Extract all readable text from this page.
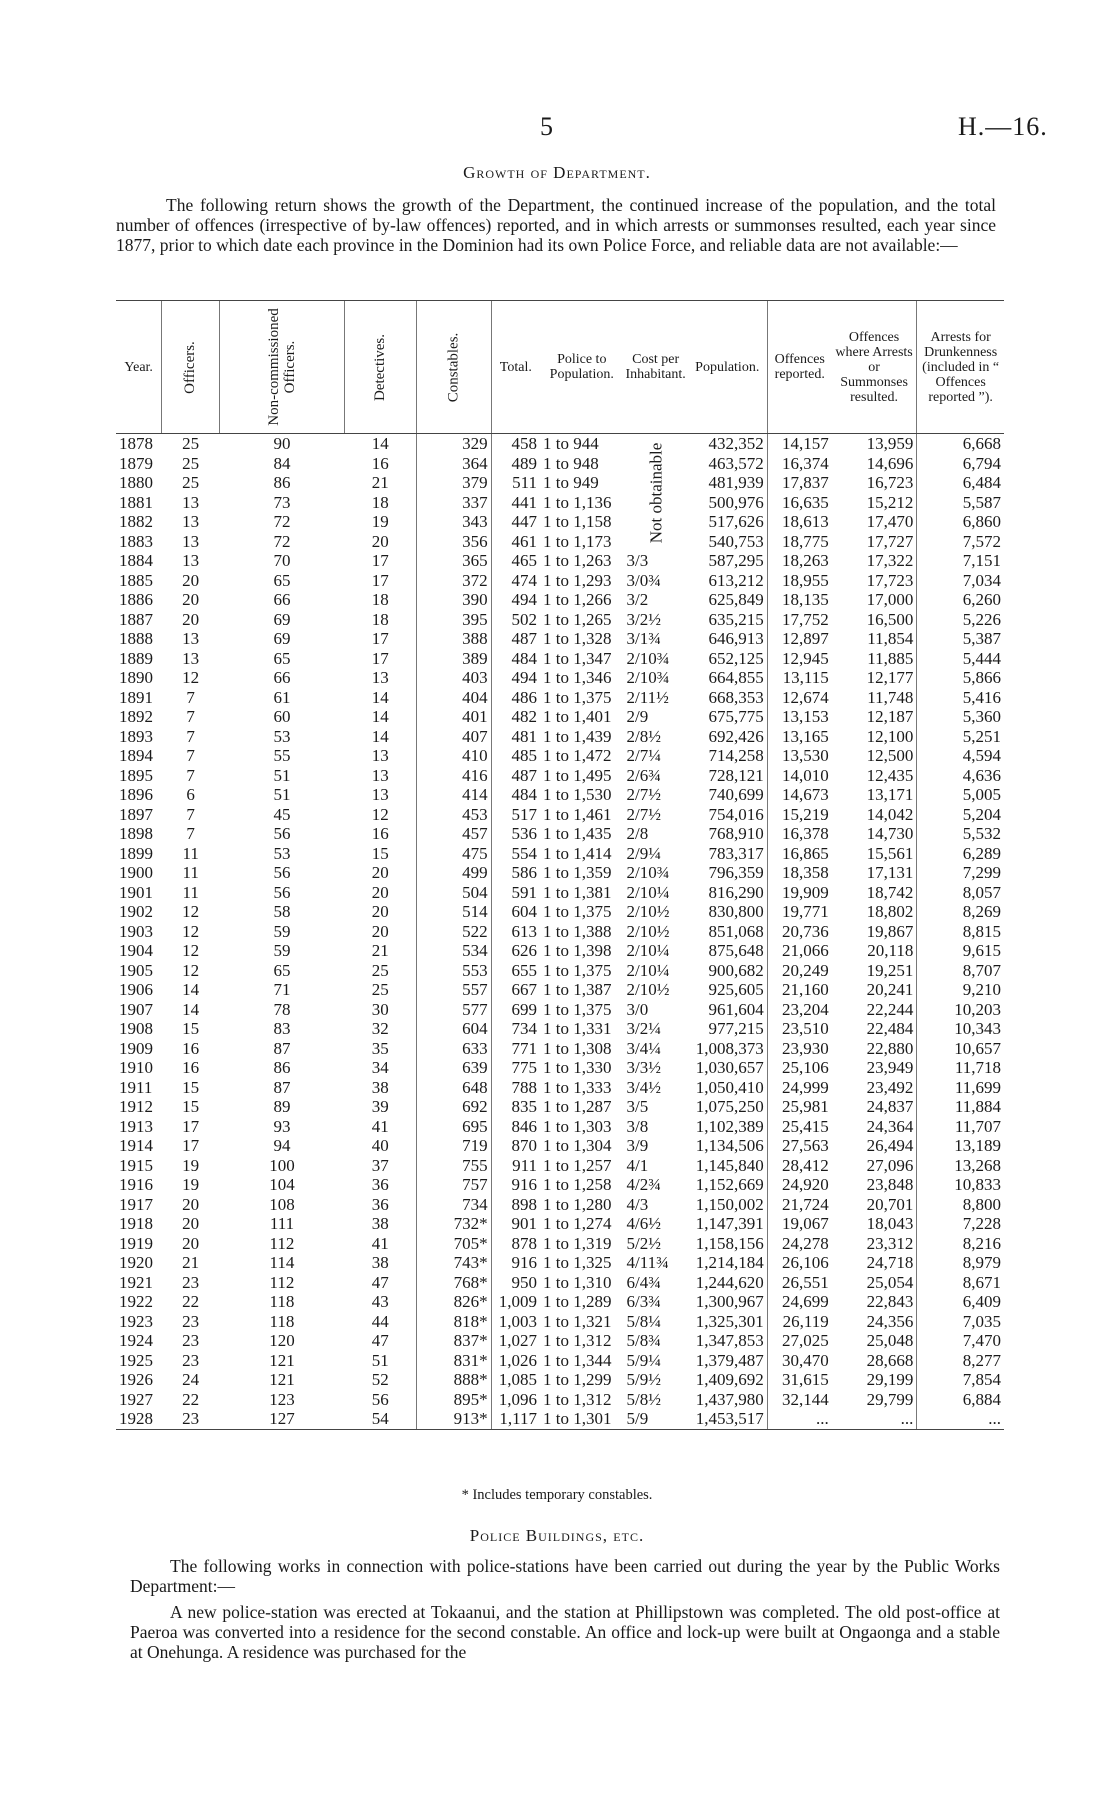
5	H.—16.
Growth of Department.
The following return shows the growth of the Department, the continued increase of the population, and the total number of offences (irrespective of by-law offences) reported, and in which arrests or summonses resulted, each year since 1877, prior to which date each province in the Dominion had its own Police Force, and reliable data are not available:—
Year.	Officers.	Non-commissioned Officers.	Detectives.	Constables.	Total.	Police to Population.	Cost per Inhabitant.	Population.	Offences reported.	Offences where Arrests or Summonses resulted.	Arrests for Drunkenness (included in “ Offences reported ”).
1878	25	90	14	329	458	1 to 944	Not obtainable	432,352	14,157	13,959	6,668
1879	25	84	16	364	489	1 to 948		463,572	16,374	14,696	6,794
1880	25	86	21	379	511	1 to 949		481,939	17,837	16,723	6,484
1881	13	73	18	337	441	1 to 1,136		500,976	16,635	15,212	5,587
1882	13	72	19	343	447	1 to 1,158		517,626	18,613	17,470	6,860
1883	13	72	20	356	461	1 to 1,173		540,753	18,775	17,727	7,572
1884	13	70	17	365	465	1 to 1,263	3/3	587,295	18,263	17,322	7,151
1885	20	65	17	372	474	1 to 1,293	3/0¾	613,212	18,955	17,723	7,034
1886	20	66	18	390	494	1 to 1,266	3/2	625,849	18,135	17,000	6,260
1887	20	69	18	395	502	1 to 1,265	3/2½	635,215	17,752	16,500	5,226
1888	13	69	17	388	487	1 to 1,328	3/1¾	646,913	12,897	11,854	5,387
1889	13	65	17	389	484	1 to 1,347	2/10¾	652,125	12,945	11,885	5,444
1890	12	66	13	403	494	1 to 1,346	2/10¾	664,855	13,115	12,177	5,866
1891	7	61	14	404	486	1 to 1,375	2/11½	668,353	12,674	11,748	5,416
1892	7	60	14	401	482	1 to 1,401	2/9	675,775	13,153	12,187	5,360
1893	7	53	14	407	481	1 to 1,439	2/8½	692,426	13,165	12,100	5,251
1894	7	55	13	410	485	1 to 1,472	2/7¼	714,258	13,530	12,500	4,594
1895	7	51	13	416	487	1 to 1,495	2/6¾	728,121	14,010	12,435	4,636
1896	6	51	13	414	484	1 to 1,530	2/7½	740,699	14,673	13,171	5,005
1897	7	45	12	453	517	1 to 1,461	2/7½	754,016	15,219	14,042	5,204
1898	7	56	16	457	536	1 to 1,435	2/8	768,910	16,378	14,730	5,532
1899	11	53	15	475	554	1 to 1,414	2/9¼	783,317	16,865	15,561	6,289
1900	11	56	20	499	586	1 to 1,359	2/10¾	796,359	18,358	17,131	7,299
1901	11	56	20	504	591	1 to 1,381	2/10¼	816,290	19,909	18,742	8,057
1902	12	58	20	514	604	1 to 1,375	2/10½	830,800	19,771	18,802	8,269
1903	12	59	20	522	613	1 to 1,388	2/10½	851,068	20,736	19,867	8,815
1904	12	59	21	534	626	1 to 1,398	2/10¼	875,648	21,066	20,118	9,615
1905	12	65	25	553	655	1 to 1,375	2/10¼	900,682	20,249	19,251	8,707
1906	14	71	25	557	667	1 to 1,387	2/10½	925,605	21,160	20,241	9,210
1907	14	78	30	577	699	1 to 1,375	3/0	961,604	23,204	22,244	10,203
1908	15	83	32	604	734	1 to 1,331	3/2¼	977,215	23,510	22,484	10,343
1909	16	87	35	633	771	1 to 1,308	3/4¼	1,008,373	23,930	22,880	10,657
1910	16	86	34	639	775	1 to 1,330	3/3½	1,030,657	25,106	23,949	11,718
1911	15	87	38	648	788	1 to 1,333	3/4½	1,050,410	24,999	23,492	11,699
1912	15	89	39	692	835	1 to 1,287	3/5	1,075,250	25,981	24,837	11,884
1913	17	93	41	695	846	1 to 1,303	3/8	1,102,389	25,415	24,364	11,707
1914	17	94	40	719	870	1 to 1,304	3/9	1,134,506	27,563	26,494	13,189
1915	19	100	37	755	911	1 to 1,257	4/1	1,145,840	28,412	27,096	13,268
1916	19	104	36	757	916	1 to 1,258	4/2¾	1,152,669	24,920	23,848	10,833
1917	20	108	36	734	898	1 to 1,280	4/3	1,150,002	21,724	20,701	8,800
1918	20	111	38	732*	901	1 to 1,274	4/6½	1,147,391	19,067	18,043	7,228
1919	20	112	41	705*	878	1 to 1,319	5/2½	1,158,156	24,278	23,312	8,216
1920	21	114	38	743*	916	1 to 1,325	4/11¾	1,214,184	26,106	24,718	8,979
1921	23	112	47	768*	950	1 to 1,310	6/4¾	1,244,620	26,551	25,054	8,671
1922	22	118	43	826*	1,009	1 to 1,289	6/3¾	1,300,967	24,699	22,843	6,409
1923	23	118	44	818*	1,003	1 to 1,321	5/8¼	1,325,301	26,119	24,356	7,035
1924	23	120	47	837*	1,027	1 to 1,312	5/8¾	1,347,853	27,025	25,048	7,470
1925	23	121	51	831*	1,026	1 to 1,344	5/9¼	1,379,487	30,470	28,668	8,277
1926	24	121	52	888*	1,085	1 to 1,299	5/9½	1,409,692	31,615	29,199	7,854
1927	22	123	56	895*	1,096	1 to 1,312	5/8½	1,437,980	32,144	29,799	6,884
1928	23	127	54	913*	1,117	1 to 1,301	5/9	1,453,517	...	...	...
* Includes temporary constables.
Police Buildings, etc.
The following works in connection with police-stations have been carried out during the year by the Public Works Department:—
A new police-station was erected at Tokaanui, and the station at Phillipstown was completed. The old post-office at Paeroa was converted into a residence for the second constable. An office and lock-up were built at Ongaonga and a stable at Onehunga. A residence was purchased for the
